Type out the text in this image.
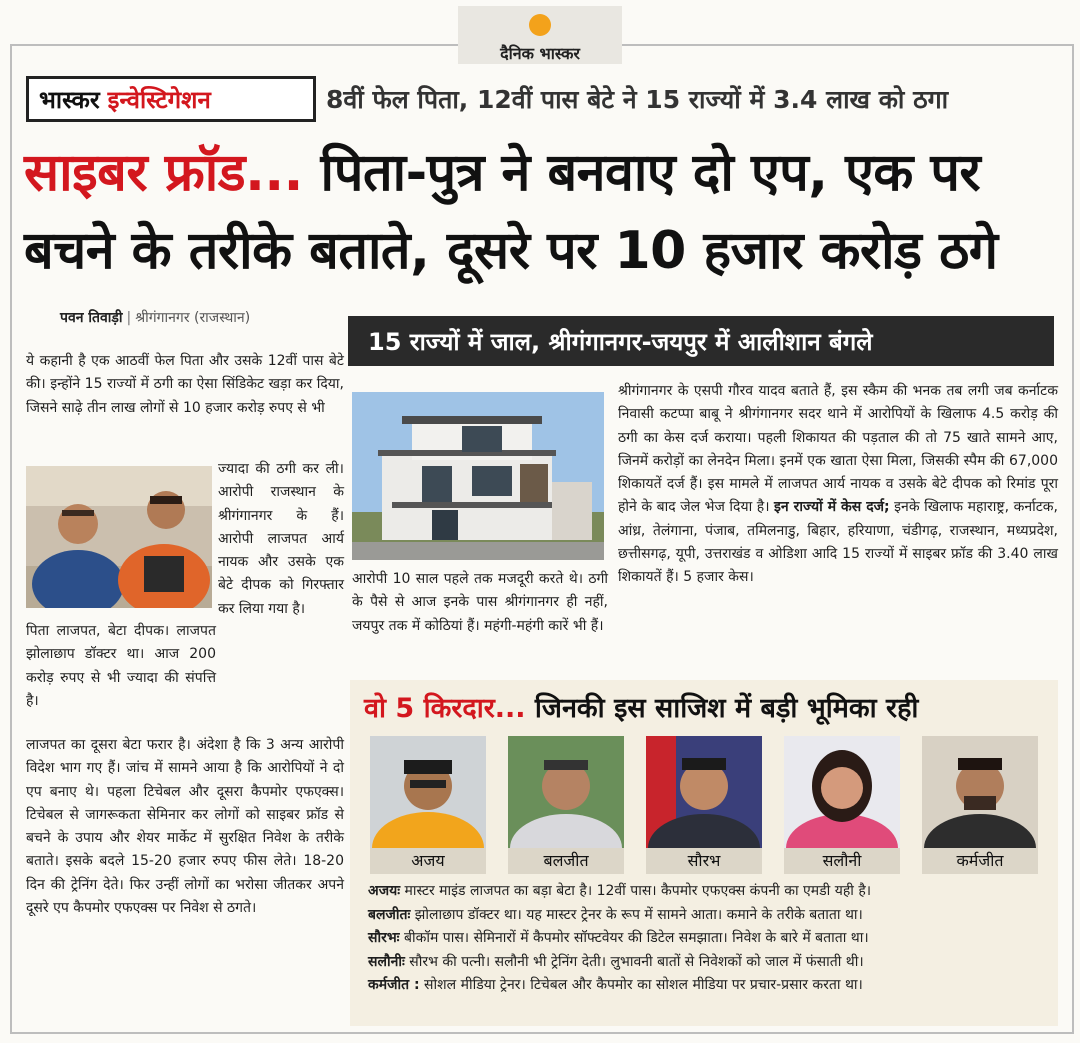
दैनिक भास्कर
भास्कर इन्वेस्टिगेशन	8वीं फेल पिता, 12वीं पास बेटे ने 15 राज्यों में 3.4 लाख को ठगा
साइबर फ्रॉड... पिता-पुत्र ने बनवाए दो एप, एक पर
बचने के तरीके बताते, दूसरे पर 10 हजार करोड़ ठगे
पवन तिवाड़ी | श्रीगंगानगर (राजस्थान)
15 राज्यों में जाल, श्रीगंगानगर-जयपुर में आलीशान बंगले
ये कहानी है एक आठवीं फेल पिता और उसके 12वीं पास बेटे की। इन्होंने 15 राज्यों में ठगी का ऐसा सिंडिकेट खड़ा कर दिया, जिसने साढ़े तीन लाख लोगों से 10 हजार करोड़ रुपए से भी
ज्यादा की ठगी कर ली। आरोपी राजस्थान के श्रीगंगानगर के हैं। आरोपी लाजपत आर्य नायक और उसके एक बेटे दीपक को गिरफ्तार कर लिया गया है।
पिता लाजपत, बेटा दीपक। लाजपत झोलाछाप डॉक्टर था। आज 200 करोड़ रुपए से भी ज्यादा की संपत्ति है।
लाजपत का दूसरा बेटा फरार है। अंदेशा है कि 3 अन्य आरोपी विदेश भाग गए हैं। जांच में सामने आया है कि आरोपियों ने दो एप बनाए थे। पहला टिचेबल और दूसरा कैपमोर एफएक्स। टिचेबल से जागरूकता सेमिनार कर लोगों को साइबर फ्रॉड से बचने के उपाय और शेयर मार्केट में सुरक्षित निवेश के तरीके बताते। इसके बदले 15-20 हजार रुपए फीस लेते। 18-20 दिन की ट्रेनिंग देते। फिर उन्हीं लोगों का भरोसा जीतकर अपने दूसरे एप कैपमोर एफएक्स पर निवेश से ठगते।
आरोपी 10 साल पहले तक मजदूरी करते थे। ठगी के पैसे से आज इनके पास श्रीगंगानगर ही नहीं, जयपुर तक में कोठियां हैं। महंगी-महंगी कारें भी हैं।
श्रीगंगानगर के एसपी गौरव यादव बताते हैं, इस स्कैम की भनक तब लगी जब कर्नाटक निवासी कटप्पा बाबू ने श्रीगंगानगर सदर थाने में आरोपियों के खिलाफ 4.5 करोड़ की ठगी का केस दर्ज कराया। पहली शिकायत की पड़ताल की तो 75 खाते सामने आए, जिनमें करोड़ों का लेनदेन मिला। इनमें एक खाता ऐसा मिला, जिसकी स्पैम की 67,000 शिकायतें दर्ज हैं। इस मामले में लाजपत आर्य नायक व उसके बेटे दीपक को रिमांड पूरा होने के बाद जेल भेज दिया है। इन राज्यों में केस दर्ज; इनके खिलाफ महाराष्ट्र, कर्नाटक, आंध्र, तेलंगाना, पंजाब, तमिलनाडु, बिहार, हरियाणा, चंडीगढ़, राजस्थान, मध्यप्रदेश, छत्तीसगढ़, यूपी, उत्तराखंड व ओडिशा आदि 15 राज्यों में साइबर फ्रॉड की 3.40 लाख शिकायतें हैं। 5 हजार केस।
वो 5 किरदार... जिनकी इस साजिश में बड़ी भूमिका रही
अजय	बलजीत	सौरभ	सलौनी	कर्मजीत
अजयः मास्टर माइंड लाजपत का बड़ा बेटा है। 12वीं पास। कैपमोर एफएक्स कंपनी का एमडी यही है।
बलजीतः झोलाछाप डॉक्टर था। यह मास्टर ट्रेनर के रूप में सामने आता। कमाने के तरीके बताता था।
सौरभः बीकॉम पास। सेमिनारों में कैपमोर सॉफ्टवेयर की डिटेल समझाता। निवेश के बारे में बताता था।
सलौनीः सौरभ की पत्नी। सलौनी भी ट्रेनिंग देती। लुभावनी बातों से निवेशकों को जाल में फंसाती थी।
कर्मजीत : सोशल मीडिया ट्रेनर। टिचेबल और कैपमोर का सोशल मीडिया पर प्रचार-प्रसार करता था।
